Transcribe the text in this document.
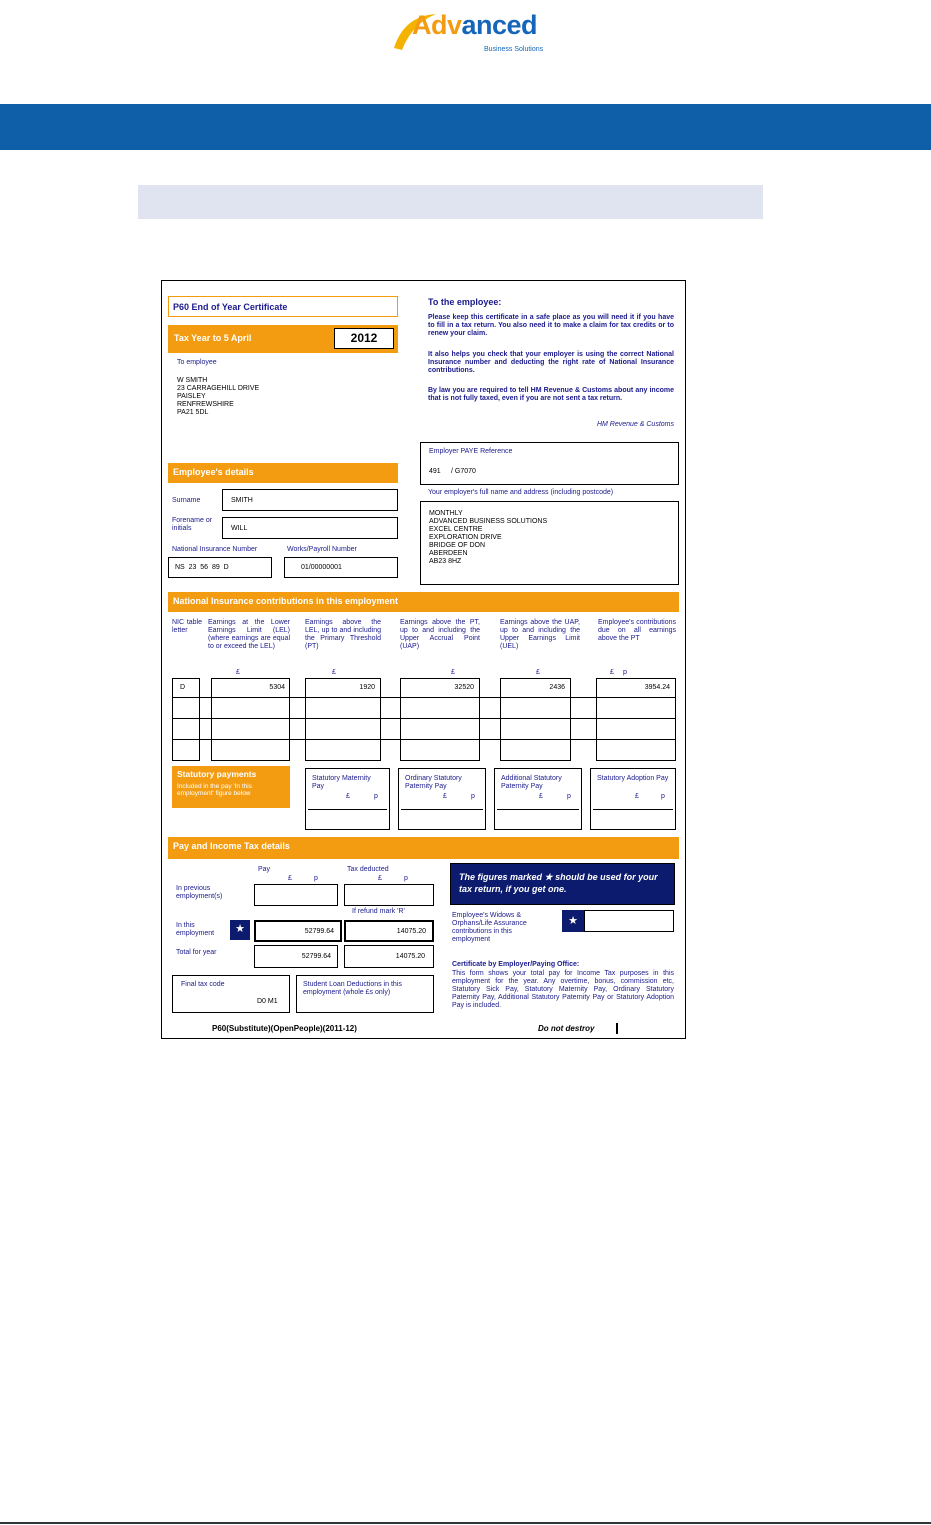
Advanced
Business Solutions
P60 End of Year Certificate
Tax Year to 5 April	2012
To employee
W SMITH
23 CARRAGEHILL DRIVE
PAISLEY
RENFREWSHIRE
PA21 5DL
To the employee:
Please keep this certificate in a safe place as you will need it if you have to fill in a tax return. You also need it to make a claim for tax credits or to renew your claim.
It also helps you check that your employer is using the correct National Insurance number and deducting the right rate of National Insurance contributions.
By law you are required to tell HM Revenue & Customs about any income that is not fully taxed, even if you are not sent a tax return.
HM Revenue & Customs
Employer PAYE Reference
491 / G7070
Your employer's full name and address (including postcode)
MONTHLY
ADVANCED BUSINESS SOLUTIONS
EXCEL CENTRE
EXPLORATION DRIVE
BRIDGE OF DON
ABERDEEN
AB23 8HZ
Employee's details
Surname	SMITH
Forename or initials	WILL
National Insurance Number
NS  23  56  89  D
Works/Payroll Number
01/00000001
National Insurance contributions in this employment
NIC table letter
Earnings at the Lower Earnings Limit (LEL) (where earnings are equal to or exceed the LEL)
Earnings above the LEL, up to and including the Primary Threshold (PT)
Earnings above the PT, up to and including the Upper Accrual Point (UAP)
Earnings above the UAP, up to and including the Upper Earnings Limit (UEL)
Employee's contributions due on all earnings above the PT
£	£	£	£	£ p
D	5304	1920	32520	2436	3954.24
Statutory payments
Included in the pay 'In this employment' figure below
Statutory Maternity Pay
£	p
Ordinary Statutory Paternity Pay
£	p
Additional Statutory Paternity Pay
£	p
Statutory Adoption Pay
£	p
Pay and Income Tax details
Pay	Tax deducted
£	p	£	p
In previous employment(s)
If refund mark 'R'
In this employment	★	52799.64	14075.20
Total for year
52799.64	14075.20
Final tax code
D0 M1
Student Loan Deductions in this employment (whole £s only)
The figures marked ★ should be used for your tax return, if you get one.
Employee's Widows & Orphans/Life Assurance contributions in this employment
★
Certificate by Employer/Paying Office:
This form shows your total pay for Income Tax purposes in this employment for the year. Any overtime, bonus, commission etc, Statutory Sick Pay, Statutory Maternity Pay, Ordinary Statutory Paternity Pay, Additional Statutory Paternity Pay or Statutory Adoption Pay is included.
P60(Substitute)(OpenPeople)(2011-12)	Do not destroy
